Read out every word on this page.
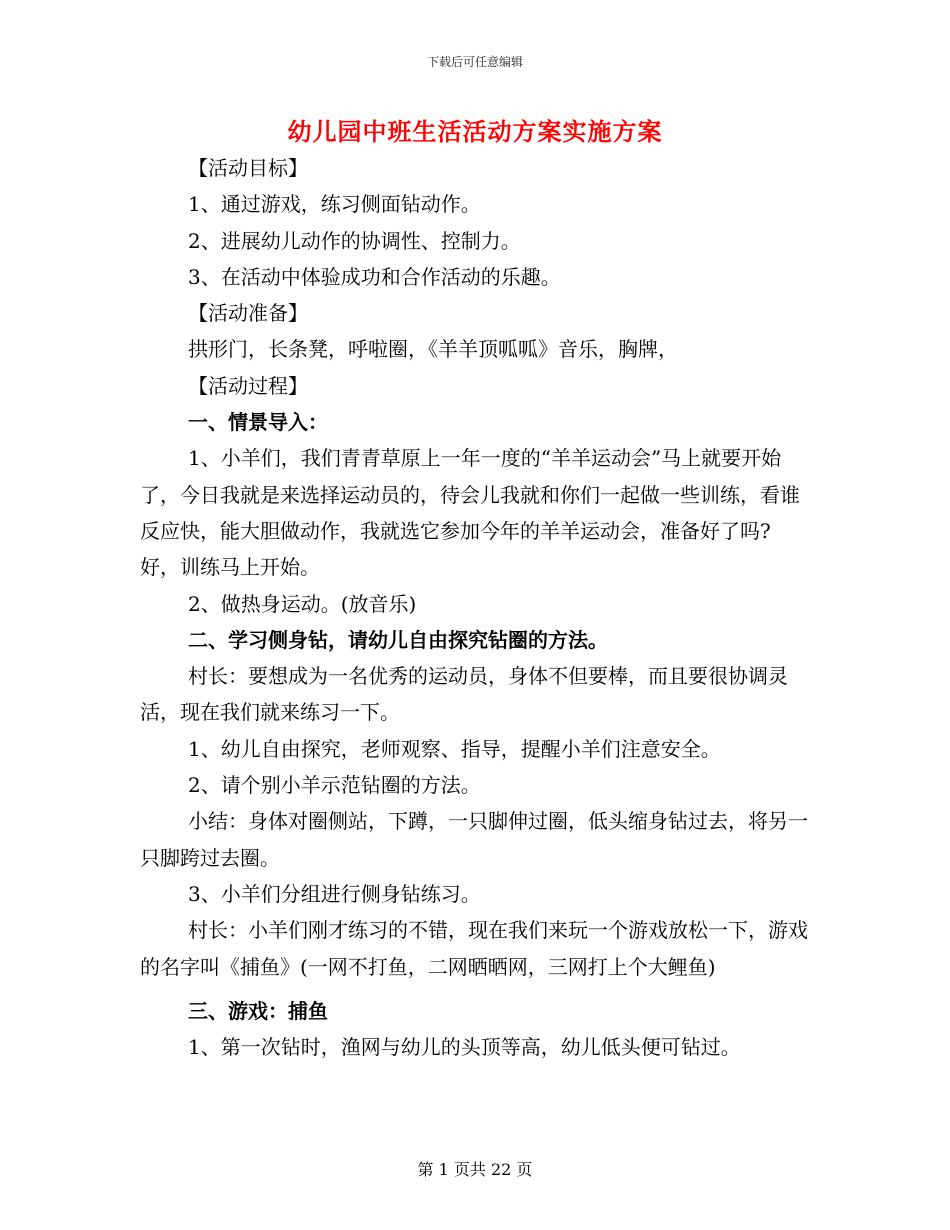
下载后可任意编辑
幼儿园中班生活活动方案实施方案

【活动目标】

1、通过游戏，练习侧面钻动作。

2、进展幼儿动作的协调性、控制力。

3、在活动中体验成功和合作活动的乐趣。

【活动准备】

拱形门，长条凳，呼啦圈，《羊羊顶呱呱》音乐，胸牌，

【活动过程】

一、情景导入：

1、小羊们，我们青青草原上一年一度的“羊羊运动会”马上就要开始了，今日我就是来选择运动员的，待会儿我就和你们一起做一些训练，看谁反应快，能大胆做动作，我就选它参加今年的羊羊运动会，准备好了吗?好，训练马上开始。

2、做热身运动。(放音乐)

二、学习侧身钻，请幼儿自由探究钻圈的方法。

村长：要想成为一名优秀的运动员，身体不但要棒，而且要很协调灵活，现在我们就来练习一下。

1、幼儿自由探究，老师观察、指导，提醒小羊们注意安全。

2、请个别小羊示范钻圈的方法。

小结：身体对圈侧站，下蹲，一只脚伸过圈，低头缩身钻过去，将另一只脚跨过去圈。

3、小羊们分组进行侧身钻练习。

村长：小羊们刚才练习的不错，现在我们来玩一个游戏放松一下，游戏的名字叫《捕鱼》(一网不打鱼，二网晒晒网，三网打上个大鲤鱼)

三、游戏：捕鱼

1、第一次钻时，渔网与幼儿的头顶等高，幼儿低头便可钻过。

第 1 页共 22 页
